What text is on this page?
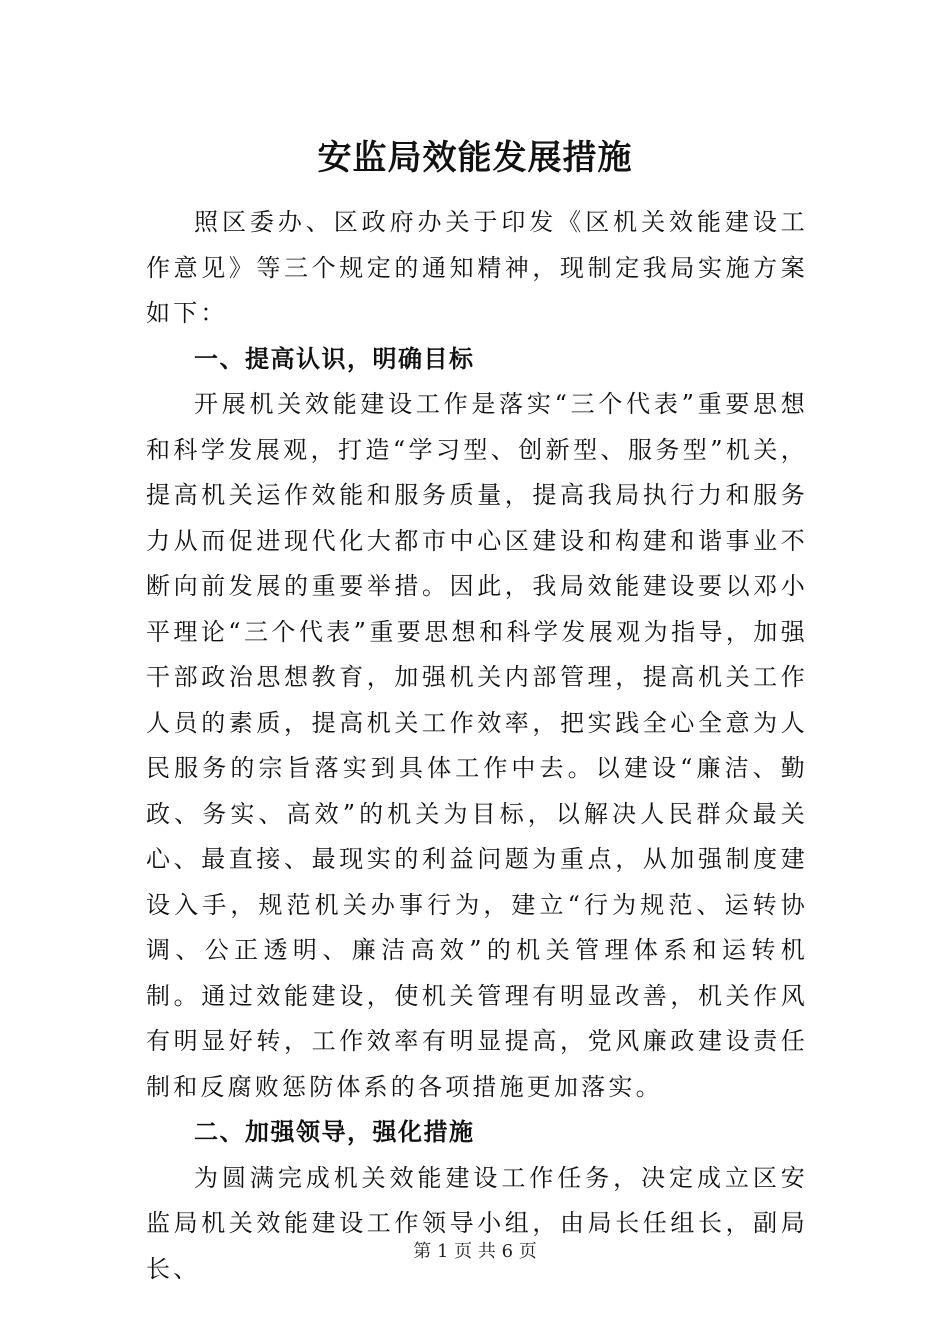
安监局效能发展措施

照区委办、区政府办关于印发《区机关效能建设工作意见》等三个规定的通知精神，现制定我局实施方案如下：

一、提高认识，明确目标

开展机关效能建设工作是落实“三个代表”重要思想和科学发展观，打造“学习型、创新型、服务型”机关，提高机关运作效能和服务质量，提高我局执行力和服务力从而促进现代化大都市中心区建设和构建和谐事业不断向前发展的重要举措。因此，我局效能建设要以邓小平理论“三个代表”重要思想和科学发展观为指导，加强干部政治思想教育，加强机关内部管理，提高机关工作人员的素质，提高机关工作效率，把实践全心全意为人民服务的宗旨落实到具体工作中去。以建设“廉洁、勤政、务实、高效”的机关为目标，以解决人民群众最关心、最直接、最现实的利益问题为重点，从加强制度建设入手，规范机关办事行为，建立“行为规范、运转协调、公正透明、廉洁高效”的机关管理体系和运转机制。通过效能建设，使机关管理有明显改善，机关作风有明显好转，工作效率有明显提高，党风廉政建设责任制和反腐败惩防体系的各项措施更加落实。

二、加强领导，强化措施

为圆满完成机关效能建设工作任务，决定成立区安监局机关效能建设工作领导小组，由局长任组长，副局长、

第 1 页 共 6 页
